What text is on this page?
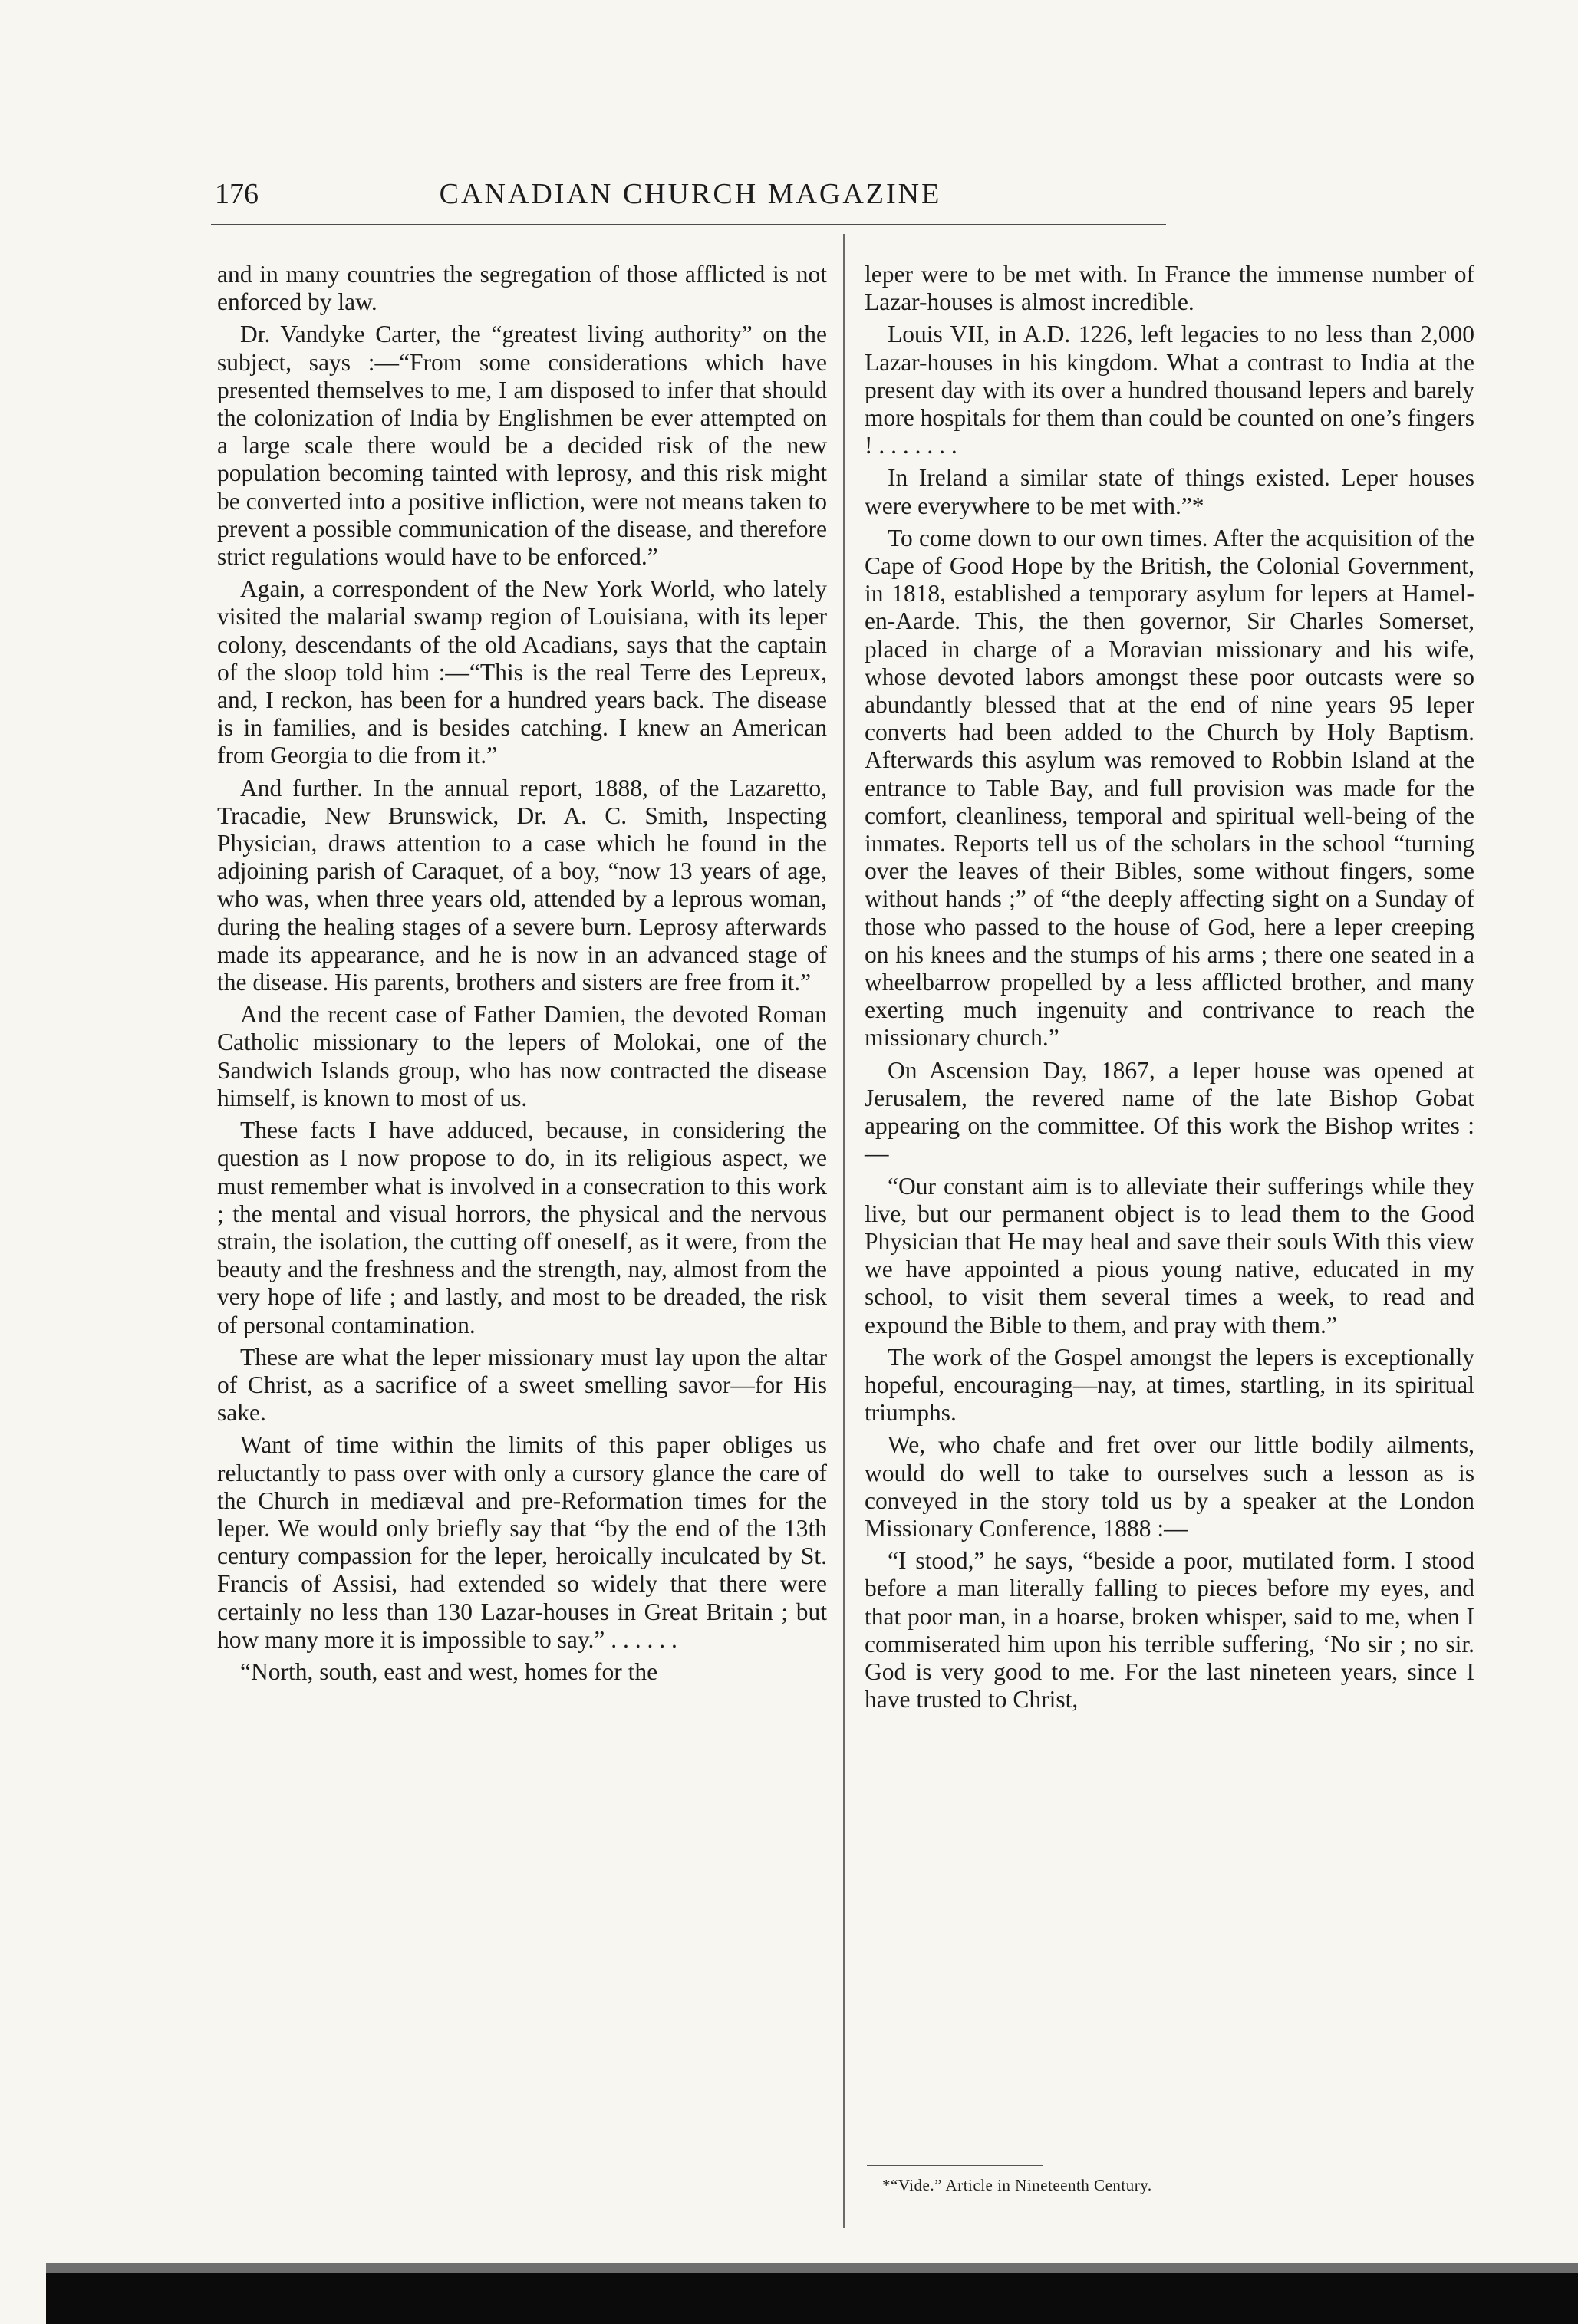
176	CANADIAN CHURCH MAGAZINE

and in many countries the segregation of those afflicted is not enforced by law.

Dr. Vandyke Carter, the “greatest living authority” on the subject, says :—“From some considerations which have presented themselves to me, I am disposed to infer that should the colonization of India by Englishmen be ever attempted on a large scale there would be a decided risk of the new population becoming tainted with leprosy, and this risk might be converted into a positive infliction, were not means taken to prevent a possible communication of the disease, and therefore strict regulations would have to be enforced.”

Again, a correspondent of the New York World, who lately visited the malarial swamp region of Louisiana, with its leper colony, descendants of the old Acadians, says that the captain of the sloop told him :—“This is the real Terre des Lepreux, and, I reckon, has been for a hundred years back. The disease is in families, and is besides catching. I knew an American from Georgia to die from it.”

And further. In the annual report, 1888, of the Lazaretto, Tracadie, New Brunswick, Dr. A. C. Smith, Inspecting Physician, draws attention to a case which he found in the adjoining parish of Caraquet, of a boy, “now 13 years of age, who was, when three years old, attended by a leprous woman, during the healing stages of a severe burn. Leprosy afterwards made its appearance, and he is now in an advanced stage of the disease. His parents, brothers and sisters are free from it.”

And the recent case of Father Damien, the devoted Roman Catholic missionary to the lepers of Molokai, one of the Sandwich Islands group, who has now contracted the disease himself, is known to most of us.

These facts I have adduced, because, in considering the question as I now propose to do, in its religious aspect, we must remember what is involved in a consecration to this work ; the mental and visual horrors, the physical and the nervous strain, the isolation, the cutting off oneself, as it were, from the beauty and the freshness and the strength, nay, almost from the very hope of life ; and lastly, and most to be dreaded, the risk of personal contamination.

These are what the leper missionary must lay upon the altar of Christ, as a sacrifice of a sweet smelling savor—for His sake.

Want of time within the limits of this paper obliges us reluctantly to pass over with only a cursory glance the care of the Church in mediæval and pre-Reformation times for the leper. We would only briefly say that “by the end of the 13th century compassion for the leper, heroically inculcated by St. Francis of Assisi, had extended so widely that there were certainly no less than 130 Lazar-houses in Great Britain ; but how many more it is impossible to say.” . . . . . .

“North, south, east and west, homes for the

leper were to be met with. In France the immense number of Lazar-houses is almost incredible.

Louis VII, in A.D. 1226, left legacies to no less than 2,000 Lazar-houses in his kingdom. What a contrast to India at the present day with its over a hundred thousand lepers and barely more hospitals for them than could be counted on one’s fingers ! . . . . . . .

In Ireland a similar state of things existed. Leper houses were everywhere to be met with.”*

To come down to our own times. After the acquisition of the Cape of Good Hope by the British, the Colonial Government, in 1818, established a temporary asylum for lepers at Hamel-en-Aarde. This, the then governor, Sir Charles Somerset, placed in charge of a Moravian missionary and his wife, whose devoted labors amongst these poor outcasts were so abundantly blessed that at the end of nine years 95 leper converts had been added to the Church by Holy Baptism. Afterwards this asylum was removed to Robbin Island at the entrance to Table Bay, and full provision was made for the comfort, cleanliness, temporal and spiritual well-being of the inmates. Reports tell us of the scholars in the school “turning over the leaves of their Bibles, some without fingers, some without hands ;” of “the deeply affecting sight on a Sunday of those who passed to the house of God, here a leper creeping on his knees and the stumps of his arms ; there one seated in a wheelbarrow propelled by a less afflicted brother, and many exerting much ingenuity and contrivance to reach the missionary church.”

On Ascension Day, 1867, a leper house was opened at Jerusalem, the revered name of the late Bishop Gobat appearing on the committee. Of this work the Bishop writes :—

“Our constant aim is to alleviate their sufferings while they live, but our permanent object is to lead them to the Good Physician that He may heal and save their souls With this view we have appointed a pious young native, educated in my school, to visit them several times a week, to read and expound the Bible to them, and pray with them.”

The work of the Gospel amongst the lepers is exceptionally hopeful, encouraging—nay, at times, startling, in its spiritual triumphs.

We, who chafe and fret over our little bodily ailments, would do well to take to ourselves such a lesson as is conveyed in the story told us by a speaker at the London Missionary Conference, 1888 :—

“I stood,” he says, “beside a poor, mutilated form. I stood before a man literally falling to pieces before my eyes, and that poor man, in a hoarse, broken whisper, said to me, when I commiserated him upon his terrible suffering, ‘No sir ; no sir. God is very good to me. For the last nineteen years, since I have trusted to Christ,

*“Vide.” Article in Nineteenth Century.
